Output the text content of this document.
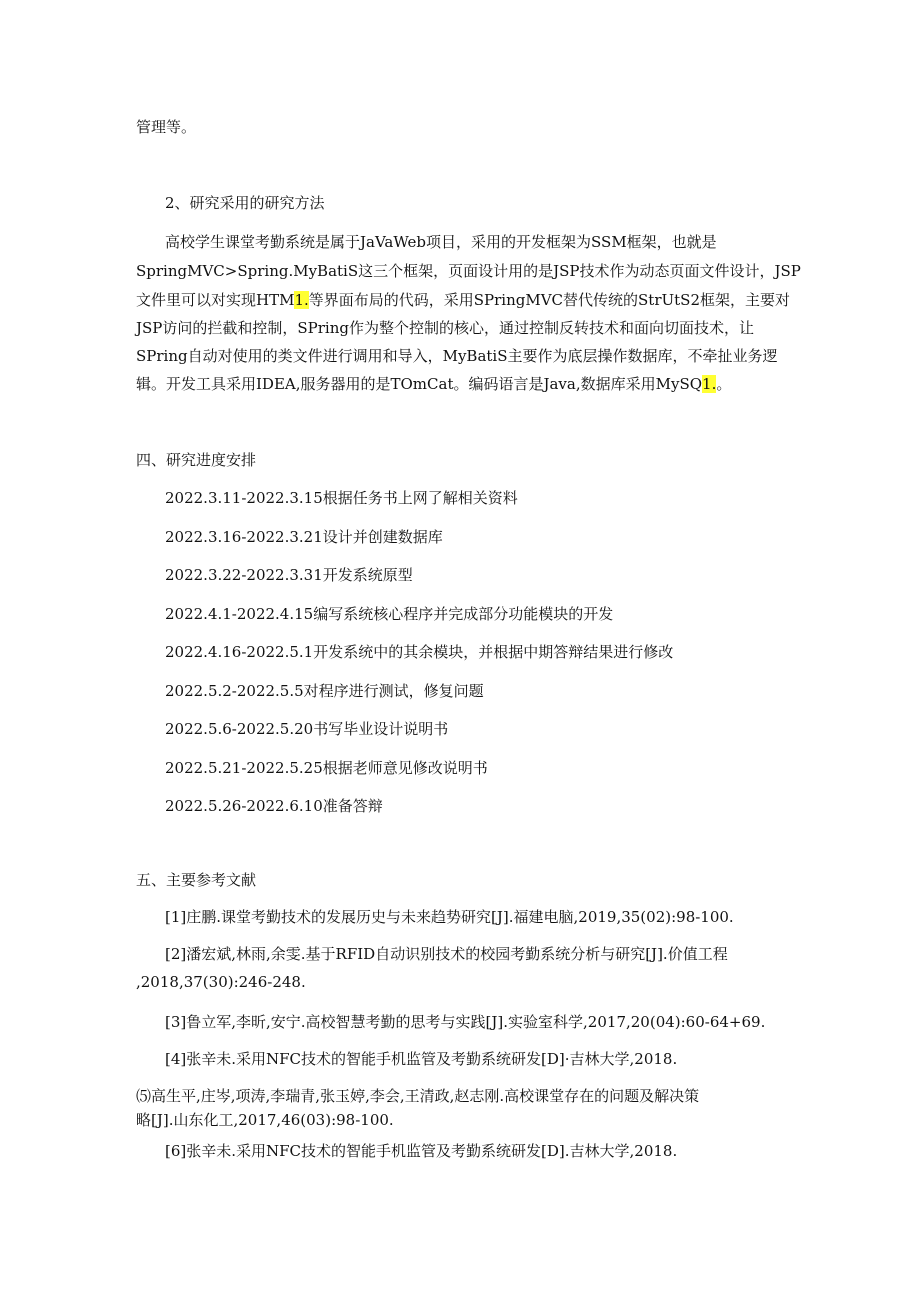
管理等。
2、研究采用的研究方法
高校学生课堂考勤系统是属于JaVaWeb项目，采用的开发框架为SSM框架，也就是
SpringMVC>Spring.MyBatiS这三个框架，页面设计用的是JSP技术作为动态页面文件设计，JSP
文件里可以对实现HTM1.等界面布局的代码，采用SPringMVC替代传统的StrUtS2框架，主要对
JSP访问的拦截和控制，SPring作为整个控制的核心，通过控制反转技术和面向切面技术，让
SPring自动对使用的类文件进行调用和导入，MyBatiS主要作为底层操作数据库，不牵扯业务逻
辑。开发工具采用IDEA,服务器用的是TOmCat。编码语言是Java,数据库采用MySQ1.。
四、研究进度安排
2022.3.11-2022.3.15根据任务书上网了解相关资料
2022.3.16-2022.3.21设计并创建数据库
2022.3.22-2022.3.31开发系统原型
2022.4.1-2022.4.15编写系统核心程序并完成部分功能模块的开发
2022.4.16-2022.5.1开发系统中的其余模块，并根据中期答辩结果进行修改
2022.5.2-2022.5.5对程序进行测试，修复问题
2022.5.6-2022.5.20书写毕业设计说明书
2022.5.21-2022.5.25根据老师意见修改说明书
2022.5.26-2022.6.10准备答辩
五、主要参考文献
[1]庄鹏.课堂考勤技术的发展历史与未来趋势研究[J].福建电脑,2019,35(02):98-100.
[2]潘宏斌,林雨,余雯.基于RFID自动识别技术的校园考勤系统分析与研究[J].价值工程
,2018,37(30):246-248.
[3]鲁立军,李昕,安宁.高校智慧考勤的思考与实践[J].实验室科学,2017,20(04):60-64+69.
[4]张辛未.采用NFC技术的智能手机监管及考勤系统研发[D]·吉林大学,2018.
⑸高生平,庄岑,项涛,李瑞青,张玉婷,李会,王清政,赵志刚.高校课堂存在的问题及解决策
略[J].山东化工,2017,46(03):98-100.
[6]张辛未.采用NFC技术的智能手机监管及考勤系统研发[D].吉林大学,2018.
